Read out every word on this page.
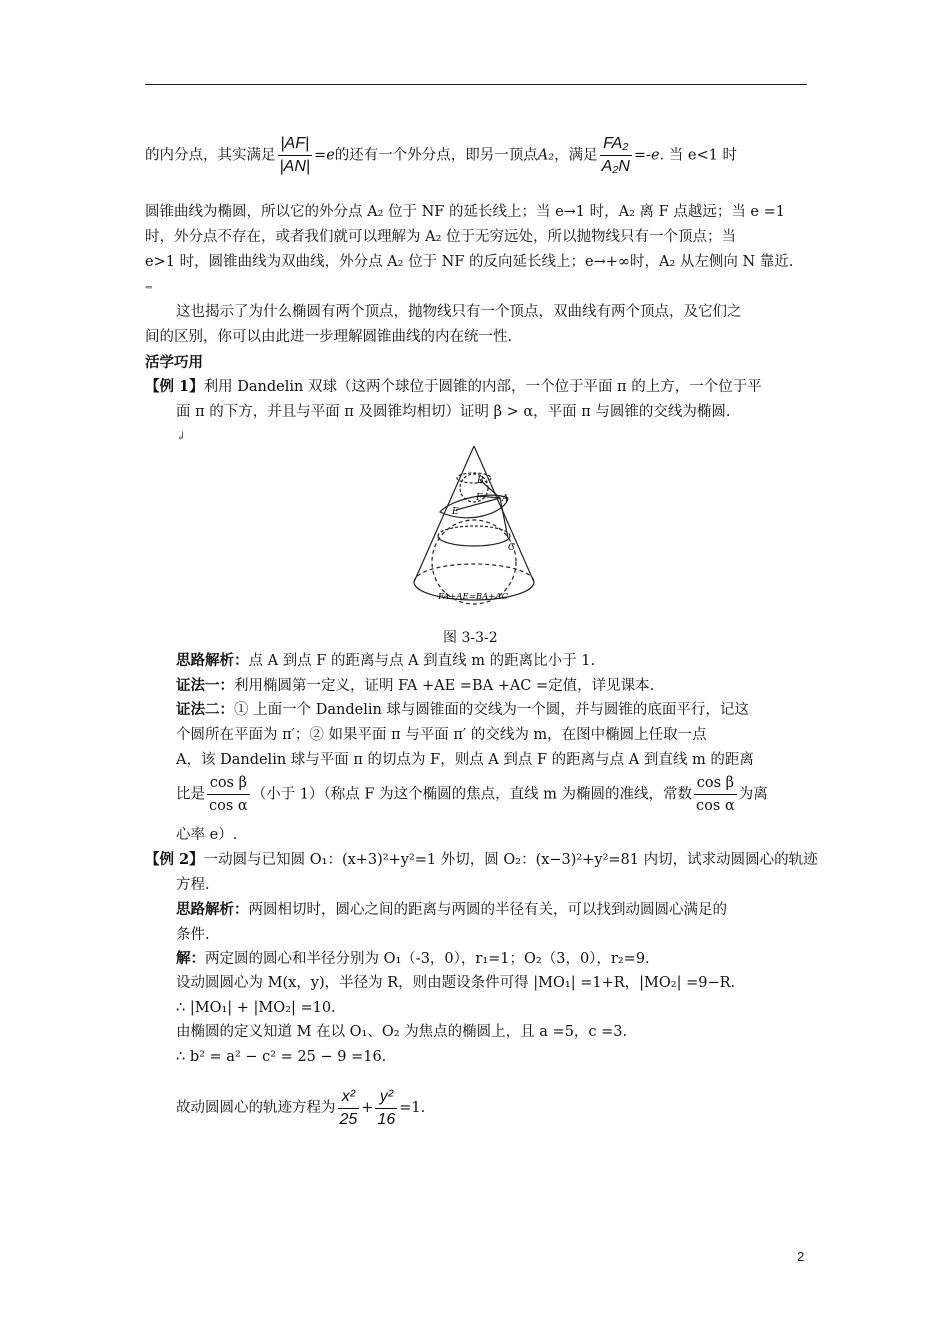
的内分点，其实满足 $\frac{|AF|}{|AN|} =e$的还有一个外分点，即另一顶点A₂，满足 $\frac{\text{FA₂}}{\text{A₂N}} =-e$. 当 e<1 时
圆锥曲线为椭圆，所以它的外分点 A₂ 位于 NF 的延长线上；当 e→1 时，A₂ 离 F 点越远；当 e =1
时，外分点不存在，或者我们就可以理解为 A₂ 位于无穷远处，所以抛物线只有一个顶点；当
e>1 时，圆锥曲线为双曲线，外分点 A₂ 位于 NF 的反向延长线上；e→+∞时，A₂ 从左侧向 N 靠近.
⇐
这也揭示了为什么椭圆有两个顶点，抛物线只有一个顶点，双曲线有两个顶点，及它们之
间的区别，你可以由此进一步理解圆锥曲线的内在统一性.
活学巧用
【例 1】利用 Dandelin 双球（这两个球位于圆锥的内部，一个位于平面 π 的上方，一个位于平
面 π 的下方，并且与平面 π 及圆锥均相切）证明 β > α，平面 π 与圆锥的交线为椭圆.
↲
B
F A
E
C
FA+AE=BA+AC
图 3-3-2
思路解析：点 A 到点 F 的距离与点 A 到直线 m 的距离比小于 1.
证法一：利用椭圆第一定义，证明 FA +AE =BA +AC =定值，详见课本.
证法二：① 上面一个 Dandelin 球与圆锥面的交线为一个圆，并与圆锥的底面平行，记这
个圆所在平面为 π′；② 如果平面 π 与平面 π′ 的交线为 m，在图中椭圆上任取一点
A，该 Dandelin 球与平面 π 的切点为 F，则点 A 到点 F 的距离与点 A 到直线 m 的距离
比是 $\frac{\text{cos β}}{\text{cos α}}$ （小于 1）（称点 F 为这个椭圆的焦点，直线 m 为椭圆的准线，常数 $\frac{\text{cos β}}{\text{cos α}}$ 为离
心率 e）.
【例 2】一动圆与已知圆 O₁：(x+3)²+y²=1 外切，圆 O₂：(x−3)²+y²=81 内切，试求动圆圆心的轨迹
方程.
思路解析：两圆相切时，圆心之间的距离与两圆的半径有关，可以找到动圆圆心满足的
条件.
解：两定圆的圆心和半径分别为 O₁（-3，0），r₁=1；O₂（3，0），r₂=9.
设动圆圆心为 M(x，y)，半径为 R，则由题设条件可得 |MO₁| =1+R，|MO₂| =9−R.
∴ |MO₁| + |MO₂| =10.
由椭圆的定义知道 M 在以 O₁、O₂ 为焦点的椭圆上，且 a =5，c =3.
∴ b² = a² − c² = 25 − 9 =16.
故动圆圆心的轨迹方程为 $\frac{\text{x²}}{25} + \frac{\text{y²}}{16} =1$.
2
